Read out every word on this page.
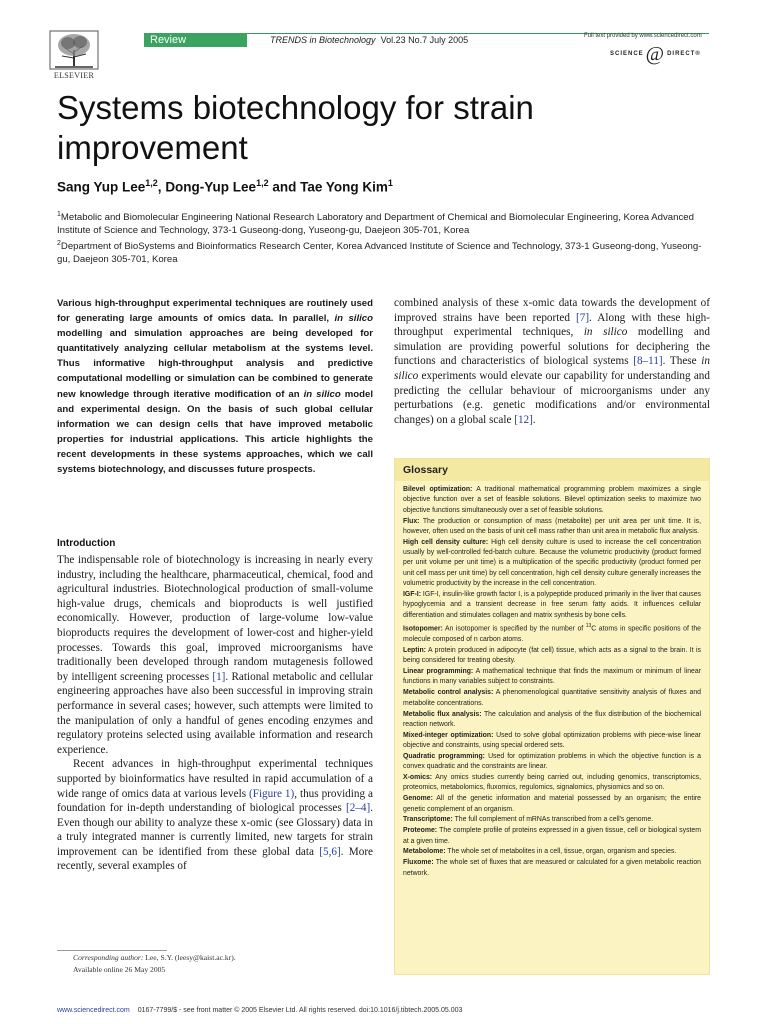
ELSEVIER
Review	TRENDS in Biotechnology Vol.23 No.7 July 2005	Full text provided by www.sciencedirect.com
SCIENCE @ DIRECT®
Systems biotechnology for strain improvement
Sang Yup Lee$^{1,2}$, Dong-Yup Lee$^{1,2}$ and Tae Yong Kim$^1$
$^1$Metabolic and Biomolecular Engineering National Research Laboratory and Department of Chemical and Biomolecular Engineering, Korea Advanced Institute of Science and Technology, 373-1 Guseong-dong, Yuseong-gu, Daejeon 305-701, Korea
$^2$Department of BioSystems and Bioinformatics Research Center, Korea Advanced Institute of Science and Technology, 373-1 Guseong-dong, Yuseong-gu, Daejeon 305-701, Korea
Various high-throughput experimental techniques are routinely used for generating large amounts of omics data. In parallel, in silico modelling and simulation approaches are being developed for quantitatively analyzing cellular metabolism at the systems level. Thus informative high-throughput analysis and predictive computational modelling or simulation can be combined to generate new knowledge through iterative modification of an in silico model and experimental design. On the basis of such global cellular information we can design cells that have improved metabolic properties for industrial applications. This article highlights the recent developments in these systems approaches, which we call systems biotechnology, and discusses future prospects.
Introduction

The indispensable role of biotechnology is increasing in nearly every industry, including the healthcare, pharmaceutical, chemical, food and agricultural industries. Biotechnological production of small-volume high-value drugs, chemicals and bioproducts is well justified economically. However, production of large-volume low-value bioproducts requires the development of lower-cost and higher-yield processes. Towards this goal, improved microorganisms have traditionally been developed through random mutagenesis followed by intelligent screening processes [1]. Rational metabolic and cellular engineering approaches have also been successful in improving strain performance in several cases; however, such attempts were limited to the manipulation of only a handful of genes encoding enzymes and regulatory proteins selected using available information and research experience.

Recent advances in high-throughput experimental techniques supported by bioinformatics have resulted in rapid accumulation of a wide range of omics data at various levels (Figure 1), thus providing a foundation for in-depth understanding of biological processes [2–4]. Even though our ability to analyze these x-omic (see Glossary) data in a truly integrated manner is currently limited, new targets for strain improvement can be identified from these global data [5,6]. More recently, several examples of

Corresponding author: Lee, S.Y. (leesy@kaist.ac.kr).
Available online 26 May 2005
combined analysis of these x-omic data towards the development of improved strains have been reported [7]. Along with these high-throughput experimental techniques, in silico modelling and simulation are providing powerful solutions for deciphering the functions and characteristics of biological systems [8–11]. These in silico experiments would elevate our capability for understanding and predicting the cellular behaviour of microorganisms under any perturbations (e.g. genetic modifications and/or environmental changes) on a global scale [12].
Glossary
Bilevel optimization: A traditional mathematical programming problem maximizes a single objective function over a set of feasible solutions. Bilevel optimization seeks to maximize two objective functions simultaneously over a set of feasible solutions.
Flux: The production or consumption of mass (metabolite) per unit area per unit time. It is, however, often used on the basis of unit cell mass rather than unit area in metabolic flux analysis.
High cell density culture: High cell density culture is used to increase the cell concentration usually by well-controlled fed-batch culture. Because the volumetric productivity (product formed per unit volume per unit time) is a multiplication of the specific productivity (product formed per unit cell mass per unit time) by cell concentration, high cell density culture generally increases the volumetric productivity by the increase in the cell concentration.
IGF-I: IGF-I, insulin-like growth factor I, is a polypeptide produced primarily in the liver that causes hypoglycemia and a transient decrease in free serum fatty acids. It influences cellular differentiation and stimulates collagen and matrix synthesis by bone cells.
Isotopomer: An isotopomer is specified by the number of $^{13}$C atoms in specific positions of the molecule composed of n carbon atoms.
Leptin: A protein produced in adipocyte (fat cell) tissue, which acts as a signal to the brain. It is being considered for treating obesity.
Linear programming: A mathematical technique that finds the maximum or minimum of linear functions in many variables subject to constraints.
Metabolic control analysis: A phenomenological quantitative sensitivity analysis of fluxes and metabolite concentrations.
Metabolic flux analysis: The calculation and analysis of the flux distribution of the biochemical reaction network.
Mixed-integer optimization: Used to solve global optimization problems with piece-wise linear objective and constraints, using special ordered sets.
Quadratic programming: Used for optimization problems in which the objective function is a convex quadratic and the constraints are linear.
X-omics: Any omics studies currently being carried out, including genomics, transcriptomics, proteomics, metabolomics, fluxomics, regulomics, signalomics, physiomics and so on.
Genome: All of the genetic information and material possessed by an organism; the entire genetic complement of an organism.
Transcriptome: The full complement of mRNAs transcribed from a cell's genome.
Proteome: The complete profile of proteins expressed in a given tissue, cell or biological system at a given time.
Metabolome: The whole set of metabolites in a cell, tissue, organ, organism and species.
Fluxome: The whole set of fluxes that are measured or calculated for a given metabolic reaction network.
www.sciencedirect.com 0167-7799/$ - see front matter © 2005 Elsevier Ltd. All rights reserved. doi:10.1016/j.tibtech.2005.05.003
